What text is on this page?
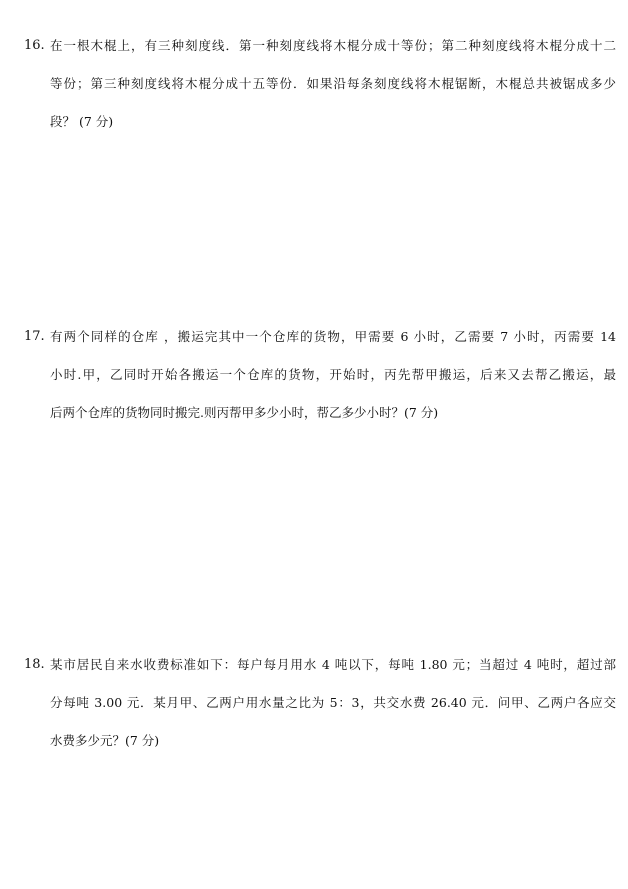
16. 在一根木棍上，有三种刻度线．第一种刻度线将木棍分成十等份；第二种刻度线将木棍分成十二
等份；第三种刻度线将木棍分成十五等份．如果沿每条刻度线将木棍锯断，木棍总共被锯成多少
段？ (7 分)
17. 有两个同样的仓库 ，搬运完其中一个仓库的货物，甲需要 6 小时，乙需要 7 小时，丙需要 14
小时.甲，乙同时开始各搬运一个仓库的货物，开始时，丙先帮甲搬运，后来又去帮乙搬运，最
后两个仓库的货物同时搬完.则丙帮甲多少小时，帮乙多少小时？(7 分)
18. 某市居民自来水收费标准如下：每户每月用水 4 吨以下，每吨 1.80 元；当超过 4 吨时，超过部
分每吨 3.00 元．某月甲、乙两户用水量之比为 5：3，共交水费 26.40 元．问甲、乙两户各应交
水费多少元？(7 分)
